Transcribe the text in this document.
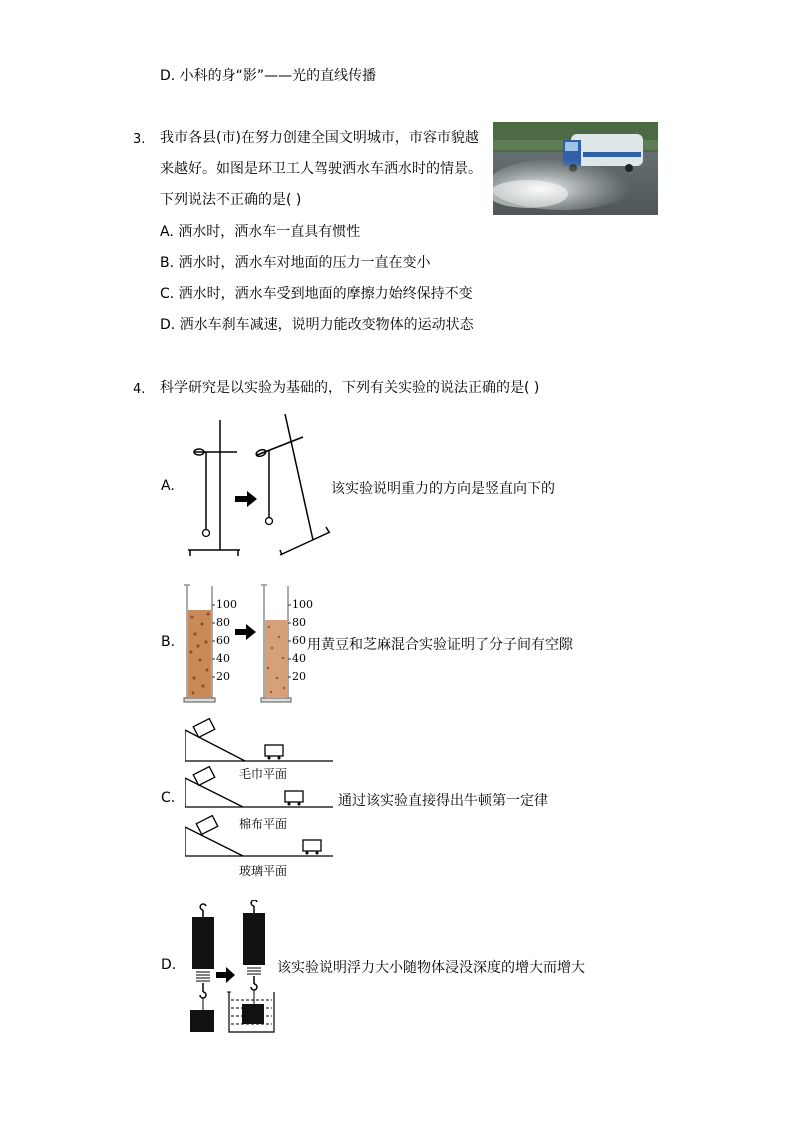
D. 小科的身“影”——光的直线传播
3. 我市各县(市)在努力创建全国文明城市，市容市貌越
来越好。如图是环卫工人驾驶洒水车洒水时的情景。
下列说法不正确的是( )
A. 洒水时，洒水车一直具有惯性
B. 洒水时，洒水车对地面的压力一直在变小
C. 洒水时，洒水车受到地面的摩擦力始终保持不变
D. 洒水车刹车减速，说明力能改变物体的运动状态
4. 科学研究是以实验为基础的，下列有关实验的说法正确的是( )
A.	该实验说明重力的方向是竖直向下的
B.
100
80
60
40
20
100
80
60
40
20
用黄豆和芝麻混合实验证明了分子间有空隙
C.
毛巾平面
棉布平面
玻璃平面
通过该实验直接得出牛顿第一定律
D.	该实验说明浮力大小随物体浸没深度的增大而增大
